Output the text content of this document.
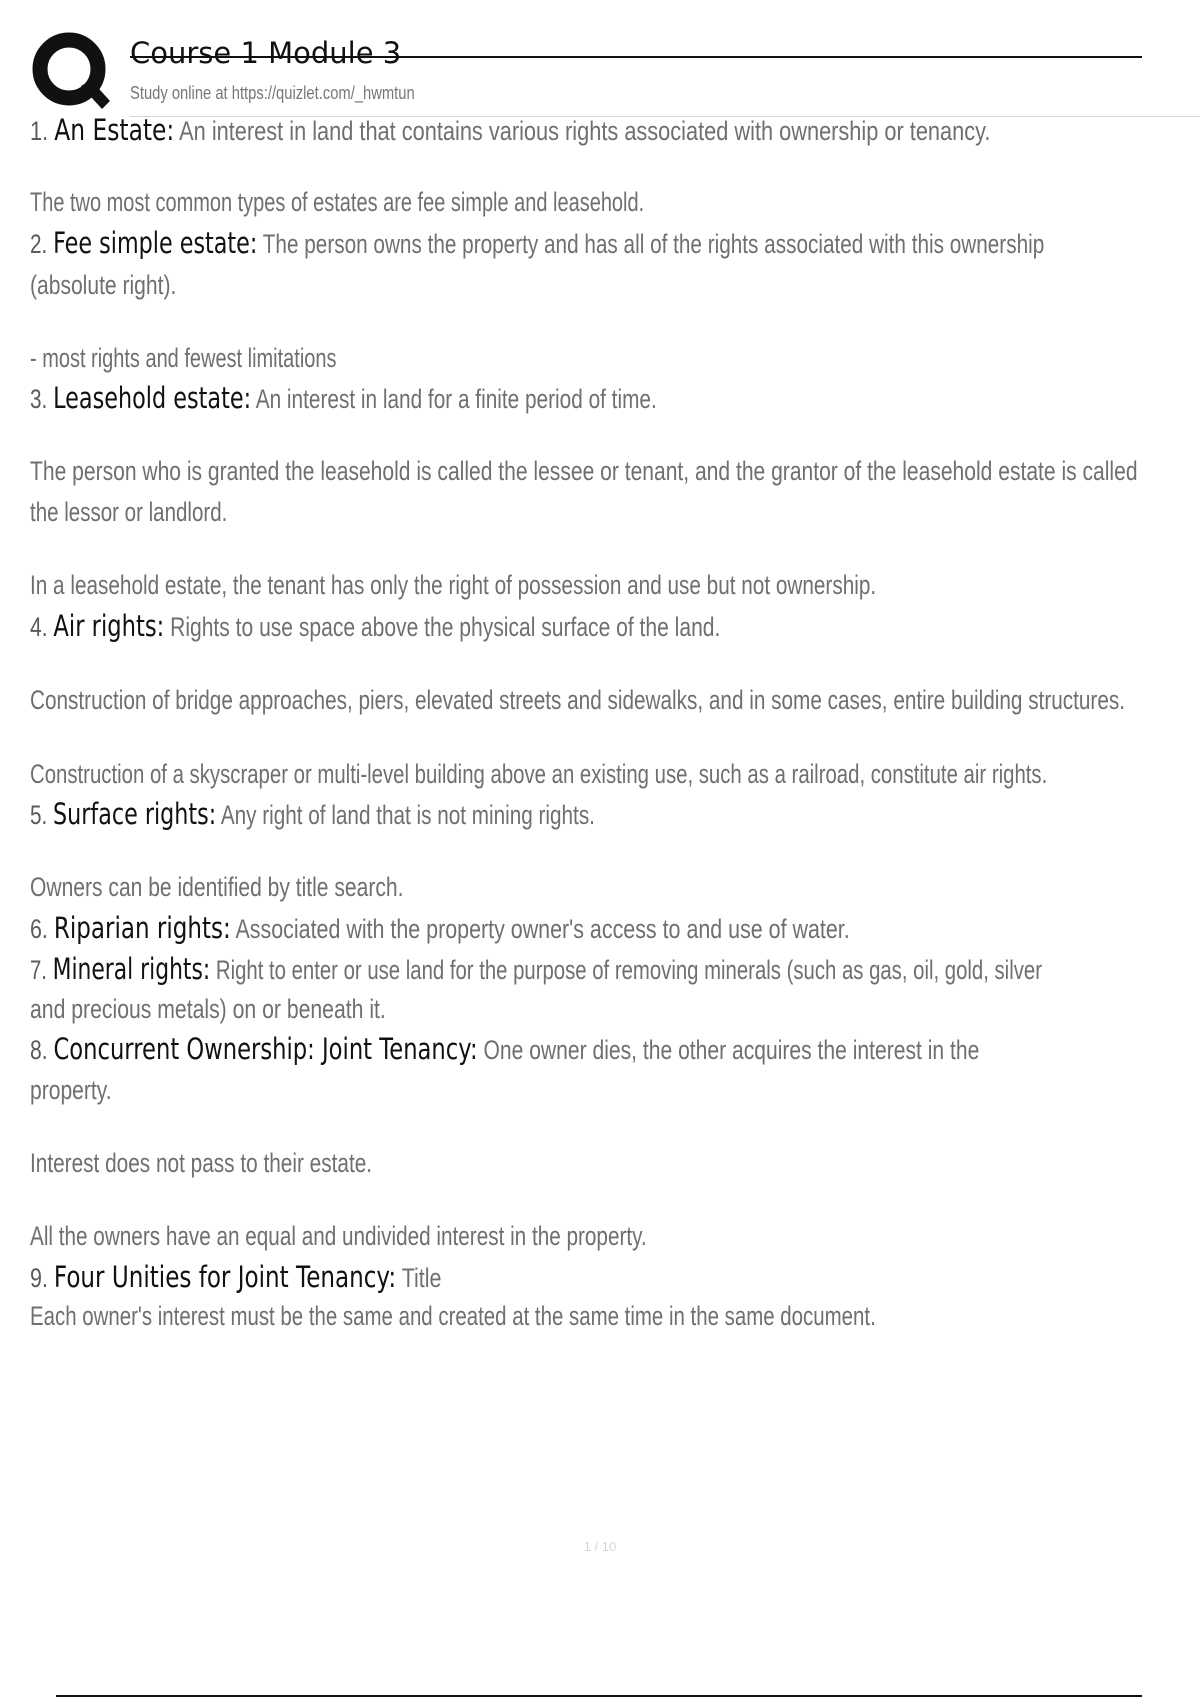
Course 1 Module 3
Study online at https://quizlet.com/_hwmtun
1. An Estate: An interest in land that contains various rights associated with ownership or tenancy.
The two most common types of estates are fee simple and leasehold.
2. Fee simple estate: The person owns the property and has all of the rights associated with this ownership
(absolute right).
- most rights and fewest limitations
3. Leasehold estate: An interest in land for a finite period of time.
The person who is granted the leasehold is called the lessee or tenant, and the grantor of the leasehold estate is called
the lessor or landlord.
In a leasehold estate, the tenant has only the right of possession and use but not ownership.
4. Air rights: Rights to use space above the physical surface of the land.
Construction of bridge approaches, piers, elevated streets and sidewalks, and in some cases, entire building structures.
Construction of a skyscraper or multi-level building above an existing use, such as a railroad, constitute air rights.
5. Surface rights: Any right of land that is not mining rights.
Owners can be identified by title search.
6. Riparian rights: Associated with the property owner's access to and use of water.
7. Mineral rights: Right to enter or use land for the purpose of removing minerals (such as gas, oil, gold, silver
and precious metals) on or beneath it.
8. Concurrent Ownership: Joint Tenancy: One owner dies, the other acquires the interest in the
property.
Interest does not pass to their estate.
All the owners have an equal and undivided interest in the property.
9. Four Unities for Joint Tenancy: Title
Each owner's interest must be the same and created at the same time in the same document.
1 / 10
